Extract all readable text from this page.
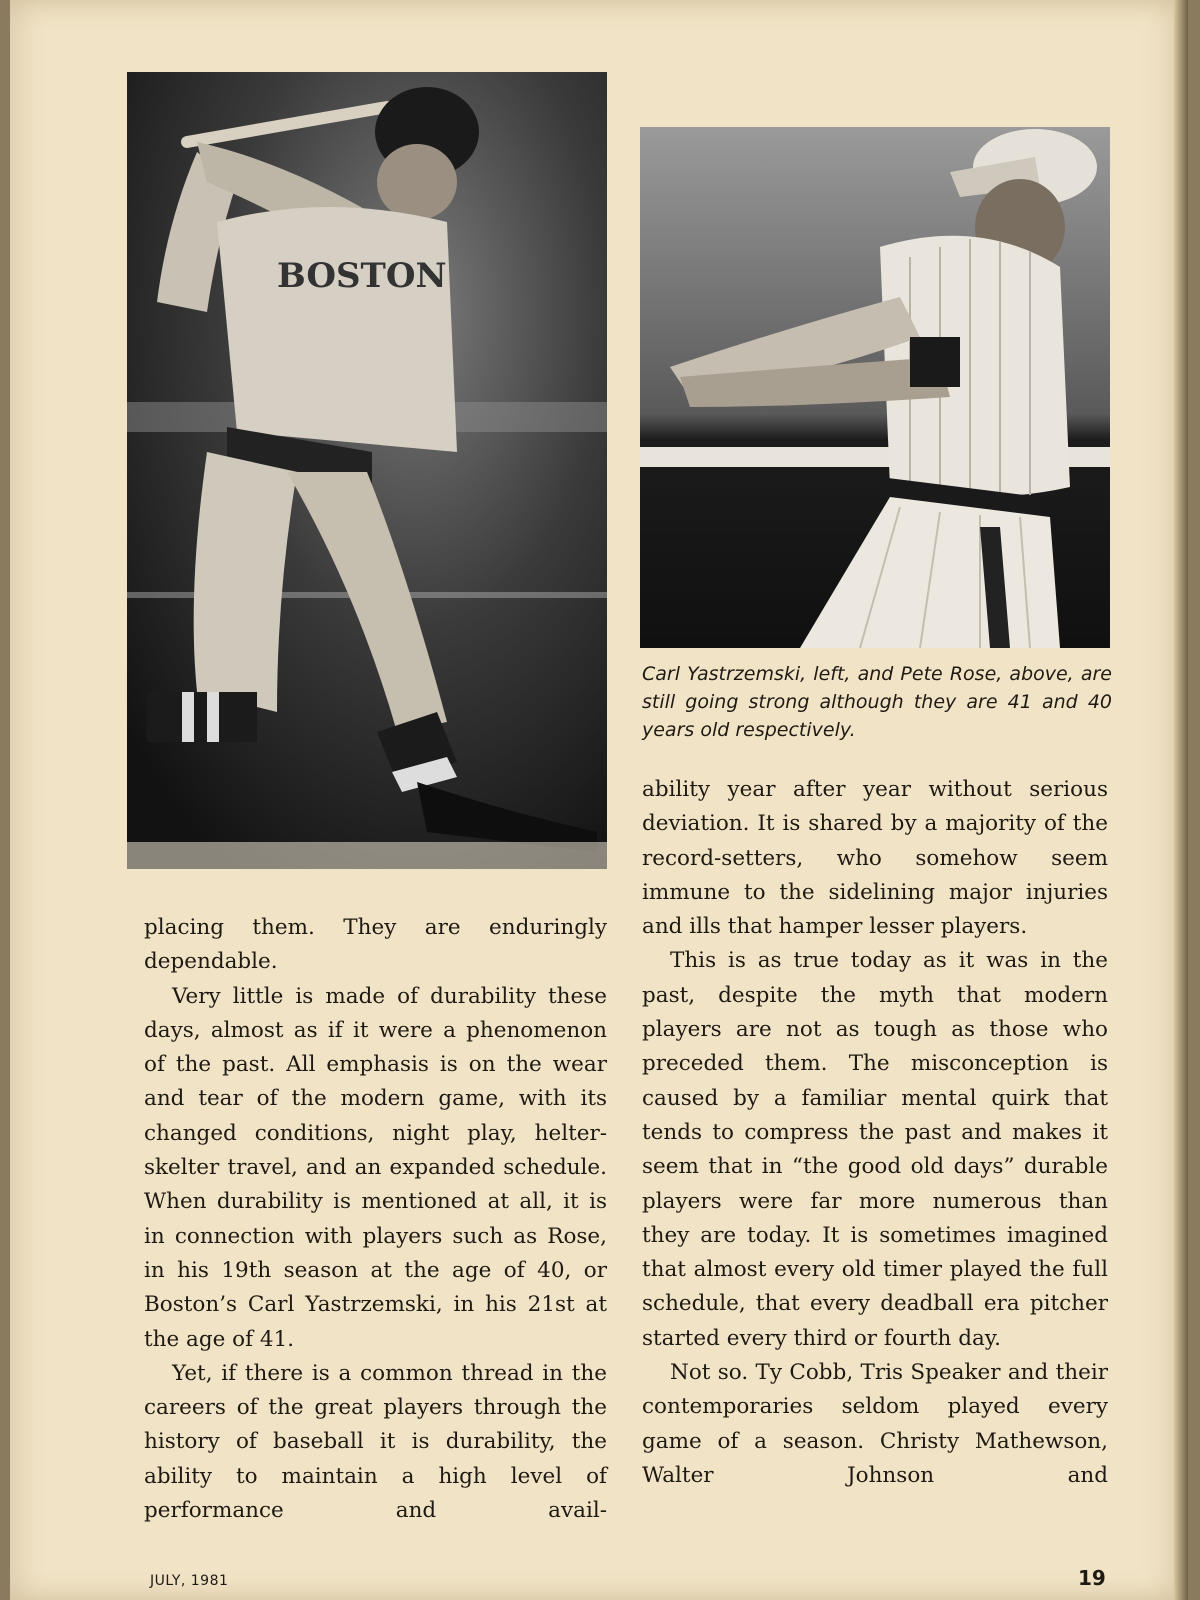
BOSTON

Carl Yastrzemski, left, and Pete Rose, above, are still going strong although they are 41 and 40 years old respectively.

placing them. They are enduringly dependable.

Very little is made of durability these days, almost as if it were a phenomenon of the past. All emphasis is on the wear and tear of the modern game, with its changed conditions, night play, helter-skelter travel, and an expanded schedule. When durability is mentioned at all, it is in connection with players such as Rose, in his 19th season at the age of 40, or Boston’s Carl Yastrzemski, in his 21st at the age of 41.

Yet, if there is a common thread in the careers of the great players through the history of baseball it is durability, the ability to maintain a high level of performance and avail-

ability year after year without serious deviation. It is shared by a majority of the record-setters, who somehow seem immune to the sidelining major injuries and ills that hamper lesser players.

This is as true today as it was in the past, despite the myth that modern players are not as tough as those who preceded them. The misconception is caused by a familiar mental quirk that tends to compress the past and makes it seem that in “the good old days” durable players were far more numerous than they are today. It is sometimes imagined that almost every old timer played the full schedule, that every deadball era pitcher started every third or fourth day.

Not so. Ty Cobb, Tris Speaker and their contemporaries seldom played every game of a season. Christy Mathewson, Walter Johnson and

JULY, 1981	19
